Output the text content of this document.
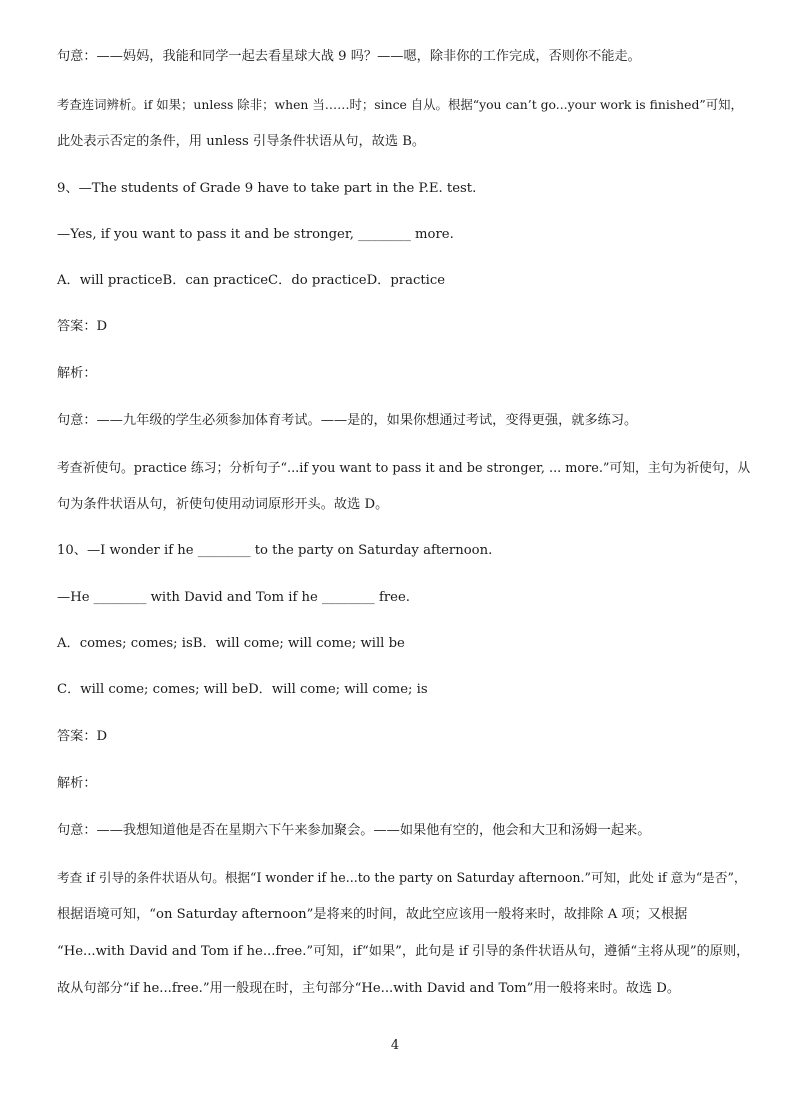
句意：——妈妈，我能和同学一起去看星球大战 9 吗？——嗯，除非你的工作完成，否则你不能走。

考查连词辨析。if 如果；unless 除非；when 当……时；since 自从。根据“you can’t go...your work is finished”可知，

此处表示否定的条件，用 unless 引导条件状语从句，故选 B。

9、—The students of Grade 9 have to take part in the P.E. test.

—Yes, if you want to pass it and be stronger, ________ more.

A．will practiceB．can practiceC．do practiceD．practice

答案：D

解析：

句意：——九年级的学生必须参加体育考试。——是的，如果你想通过考试，变得更强，就多练习。

考查祈使句。practice 练习；分析句子“...if you want to pass it and be stronger, ... more.”可知，主句为祈使句，从

句为条件状语从句，祈使句使用动词原形开头。故选 D。

10、—I wonder if he ________ to the party on Saturday afternoon.

—He ________ with David and Tom if he ________ free.

A．comes; comes; isB．will come; will come; will be

C．will come; comes; will beD．will come; will come; is

答案：D

解析：

句意：——我想知道他是否在星期六下午来参加聚会。——如果他有空的，他会和大卫和汤姆一起来。

考查 if 引导的条件状语从句。根据“I wonder if he...to the party on Saturday afternoon.”可知，此处 if 意为“是否”，

根据语境可知，“on Saturday afternoon”是将来的时间，故此空应该用一般将来时，故排除 A 项；又根据

“He...with David and Tom if he...free.”可知，if“如果”，此句是 if 引导的条件状语从句，遵循“主将从现”的原则，

故从句部分“if he...free.”用一般现在时，主句部分“He...with David and Tom”用一般将来时。故选 D。

4
